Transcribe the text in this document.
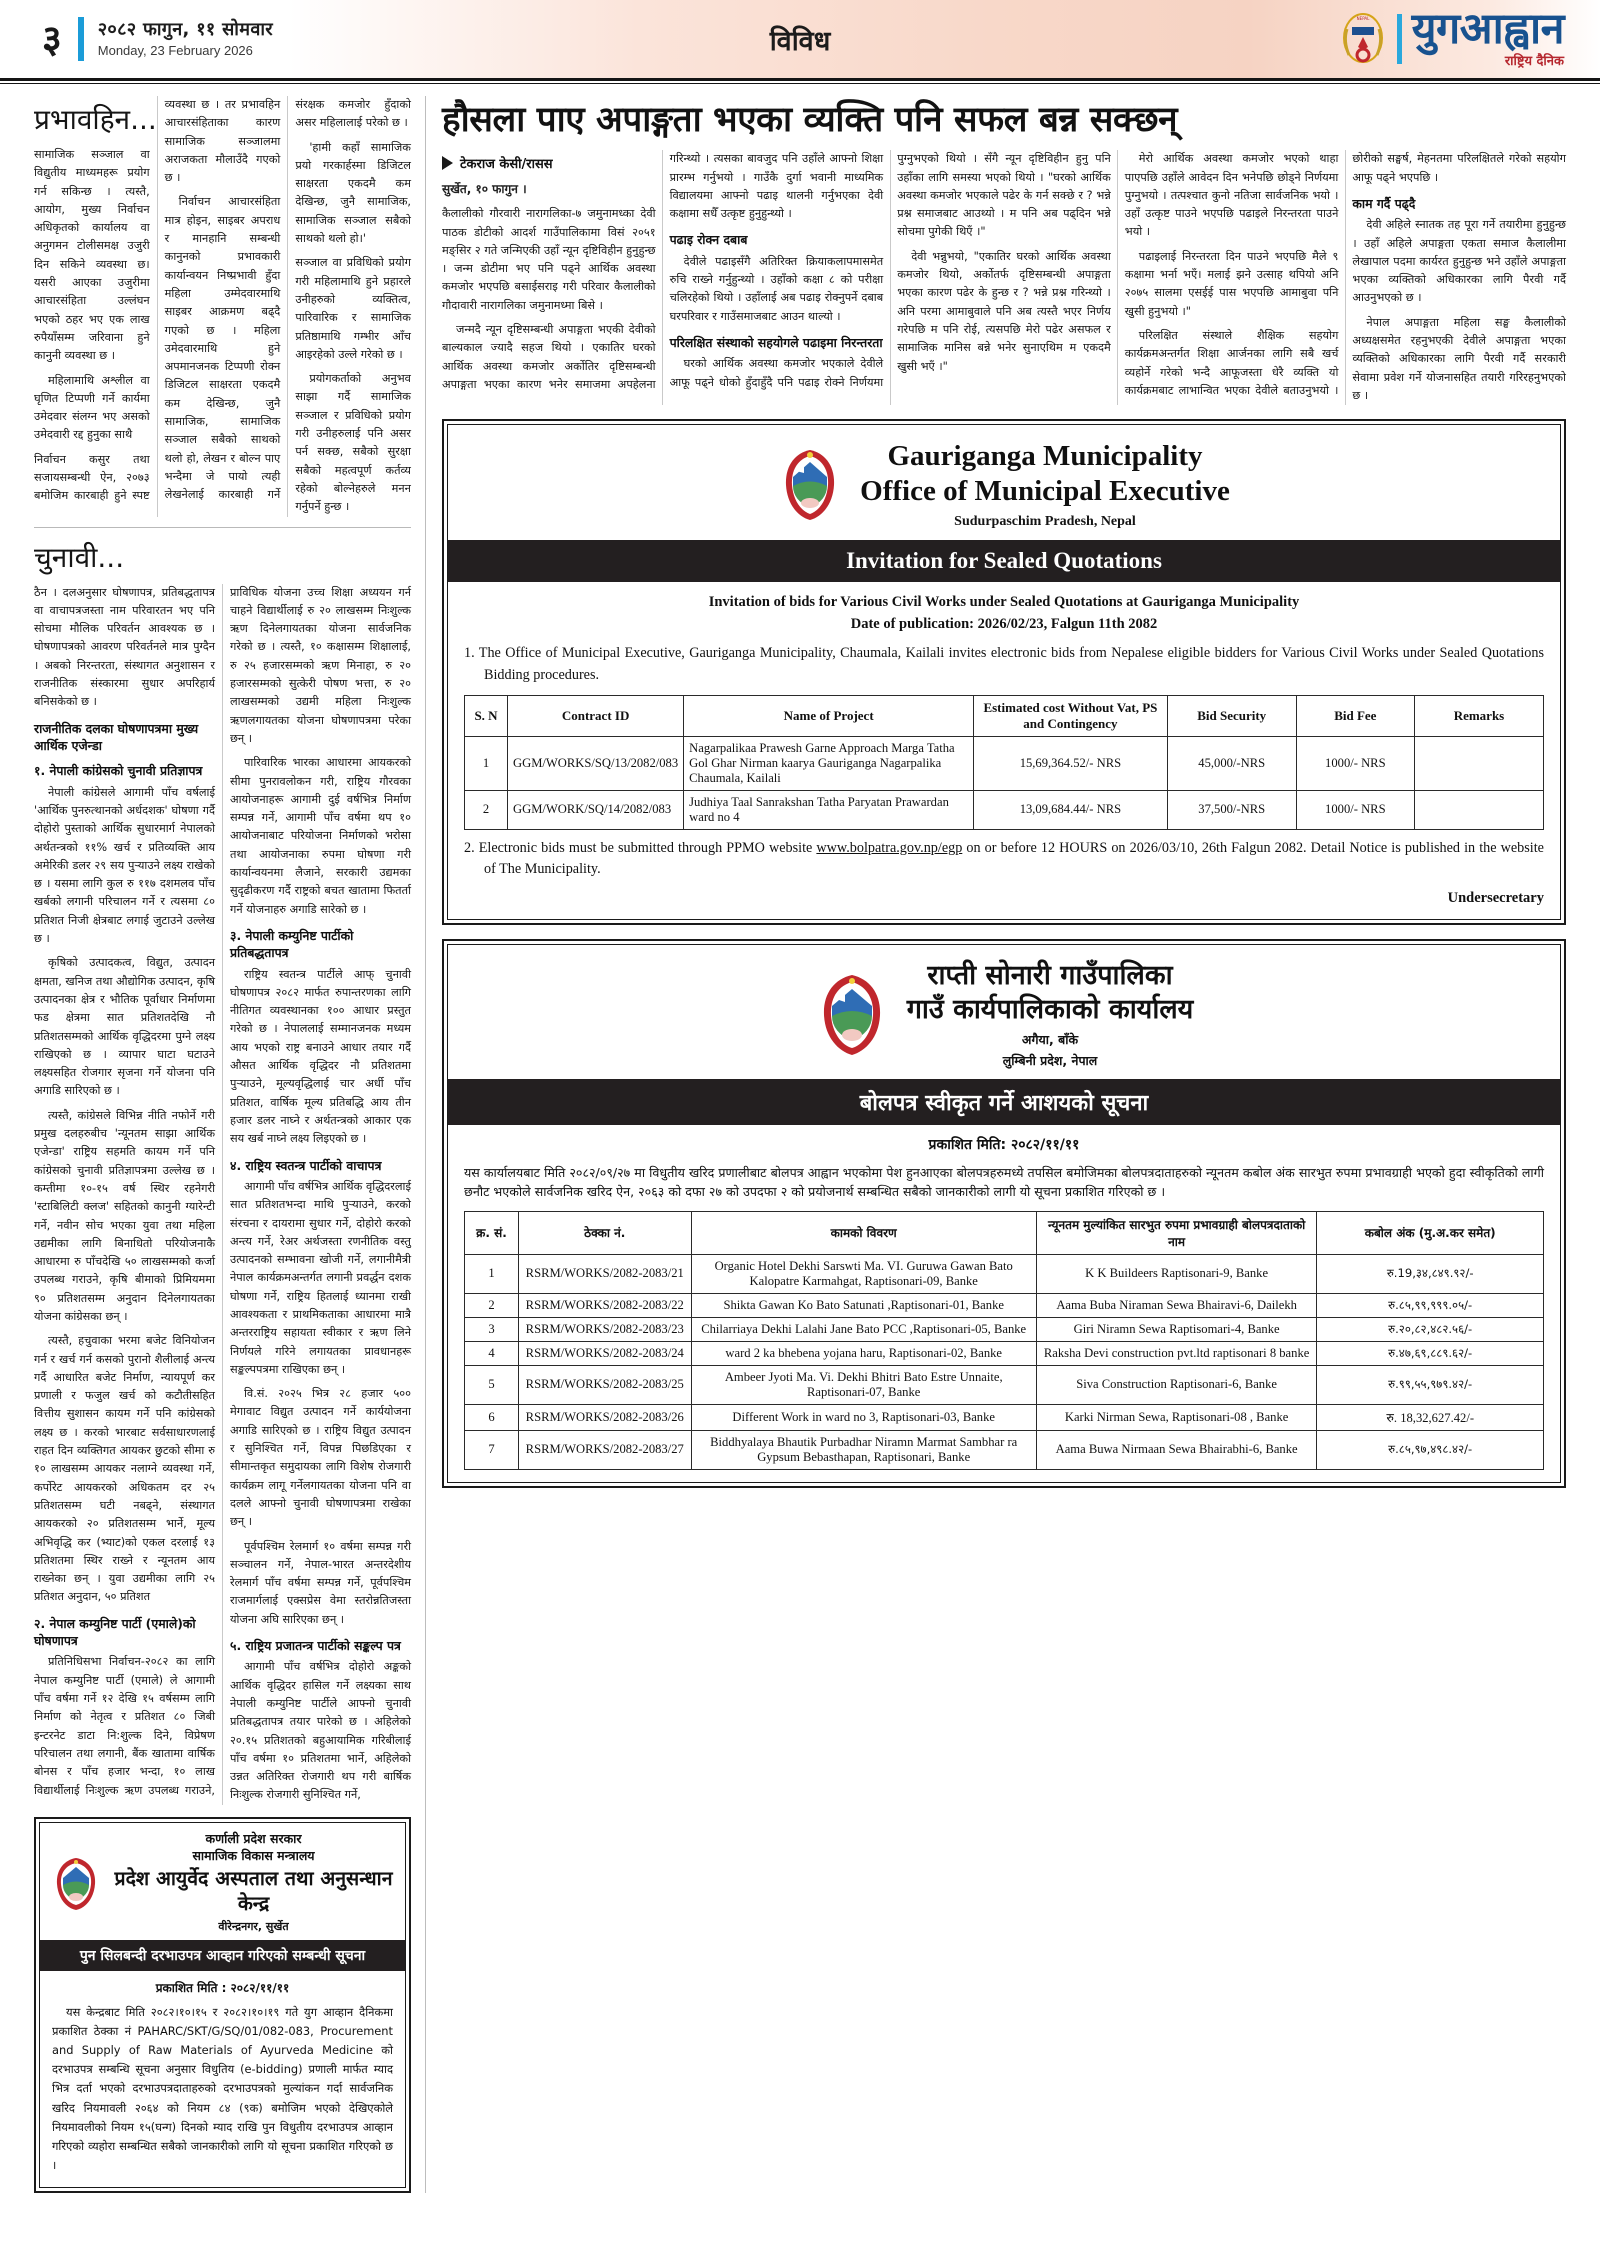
३ २०८२ फागुन, ११ सोमवार
Monday, 23 February 2026	विविध
NEPAL युगआह्वान
राष्ट्रिय दैनिक
प्रभावहिन...

सामाजिक सञ्जाल वा विद्युतीय माध्यमहरू प्रयोग गर्न सकिन्छ । त्यस्तै, आयोग, मुख्य निर्वाचन अधिकृतको कार्यालय वा अनुगमन टोलीसमक्ष उजुरी दिन सकिने व्यवस्था छ। यसरी आएका उजुरीमा आचारसंहिता उल्लंघन भएको ठहर भए एक लाख रुपैयाँसम्म जरिवाना हुने कानुनी व्यवस्था छ ।

महिलामाथि अश्लील वा घृणित टिप्पणी गर्ने कार्यमा उमेदवार संलग्न भए असको उमेदवारी रद्द हुनुका साथै

निर्वाचन कसुर तथा सजायसम्बन्धी ऐन, २०७३ बमोजिम कारबाही हुने स्पष्ट व्यवस्था छ । तर प्रभावहिन आचारसंहिताका कारण सामाजिक सञ्जालमा अराजकता मौलाउँदै गएको छ ।

निर्वाचन आचारसंहिता मात्र होइन, साइबर अपराध र मानहानि सम्बन्धी कानुनको प्रभावकारी कार्यान्वयन निष्प्रभावी हुँदा महिला उम्मेदवारमाथि साइबर आक्रमण बढ्दै गएको छ । महिला उमेदवारमाथि हुने अपमानजनक टिप्पणी रोक्न डिजिटल साक्षरता एकदमै कम देखिन्छ, जुनै सामाजिक, सामाजिक सञ्जाल सबैको साथको थलो हो, लेखन र बोल्न पाए भन्दैमा जे पायो त्यही लेखनेलाई कारबाही गर्ने संरक्षक कमजोर हुँदाको असर महिलालाई परेको छ ।

'हामी कहाँ सामाजिक प्रयो गरकार्हस्मा डिजिटल साक्षरता एकदमै कम देखिन्छ, जुनै सामाजिक, सामाजिक सञ्जाल सबैको साथको थलो हो।'

सञ्जाल वा प्रविधिको प्रयोग गरी महिलामाथि हुने प्रहारले उनीहरुको व्यक्तित्व, पारिवारिक र सामाजिक प्रतिष्ठामाथि गम्भीर आँच आइरहेको उल्ले गरेको छ ।

प्रयोगकर्ताको अनुभव साझा गर्दै सामाजिक सञ्जाल र प्रविधिको प्रयोग गरी उनीहरुलाई पनि असर पर्न सक्छ, सबैको सुरक्षा सबैको महत्वपूर्ण कर्तव्य रहेको बोल्नेहरुले मनन गर्नुपर्ने हुन्छ ।

चुनावी...

ठैन । दलअनुसार घोषणापत्र, प्रतिबद्धतापत्र वा वाचापत्रजस्ता नाम परिवारतन भए पनि सोचमा मौलिक परिवर्तन आवश्यक छ । घोषणापत्रको आवरण परिवर्तनले मात्र पुग्दैन । अबको निरन्तरता, संस्थागत अनुशासन र राजनीतिक संस्कारमा सुधार अपरिहार्य बनिसकेको छ ।

राजनीतिक दलका घोषणापत्रमा मुख्य आर्थिक एजेन्डा
१. नेपाली कांग्रेसको चुनावी प्रतिज्ञापत्र

नेपाली कांग्रेसले आगामी पाँच वर्षलाई 'आर्थिक पुनरुत्थानको अर्धदशक' घोषणा गर्दै दोहोरो पुस्ताको आर्थिक सुधारमार्ग नेपालको अर्थतन्त्रको ११% खर्च र प्रतिव्यक्ति आय अमेरिकी डलर २९ सय पुऱ्याउने लक्ष्य राखेको छ । यसमा लागि कुल रु ११७ दशमलव पाँच खर्बको लगानी परिचालन गर्ने र त्यसमा ८० प्रतिशत निजी क्षेत्रबाट लगाई जुटाउने उल्लेख छ ।

कृषिको उत्पादकत्व, विद्युत, उत्पादन क्षमता, खनिज तथा औद्योगिक उत्पादन, कृषि उत्पादनका क्षेत्र र भौतिक पूर्वाधार निर्माणमा फड क्षेत्रमा सात प्रतिशतदेखि नौ प्रतिशतसम्मको आर्थिक वृद्धिदरमा पुग्ने लक्ष्य राखिएको छ । व्यापार घाटा घटाउने लक्ष्यसहित रोजगार सृजना गर्ने योजना पनि अगाडि सारिएको छ ।

त्यस्तै, कांग्रेसले विभिन्न नीति नफोर्ने गरी प्रमुख दलहरुबीच 'न्यूनतम साझा आर्थिक एजेन्डा' राष्ट्रिय सहमति कायम गर्ने पनि कांग्रेसको चुनावी प्रतिज्ञापत्रमा उल्लेख छ । कम्तीमा १०-१५ वर्ष स्थिर रहनेगरी 'स्टाबिलिटी क्लज' सहितको कानुनी ग्यारेन्टी गर्ने, नवीन सोच भएका युवा तथा महिला उद्यमीका लागि बिनाधितो परियोजनाकै आधारमा रु पाँचदेखि ५० लाखसम्मको कर्जा उपलब्ध गराउने, कृषि बीमाको प्रिमियममा ९० प्रतिशतसम्म अनुदान दिनेलगायतका योजना कांग्रेसका छन् ।

त्यस्तै, हचुवाका भरमा बजेट विनियोजन गर्न र खर्च गर्न कसको पुरानो शैलीलाई अन्त्य गर्दै आधारित बजेट निर्माण, न्यायपूर्ण कर प्रणाली र फजुल खर्च को कटौतीसहित वित्तीय सुशासन कायम गर्ने पनि कांग्रेसको लक्ष्य छ । करको भारबाट सर्वसाधारणलाई राहत दिन व्यक्तिगत आयकर छुटको सीमा रु १० लाखसम्म आयकर नलाग्ने व्यवस्था गर्ने, कर्पोरेट आयकरको अधिकतम दर २५ प्रतिशतसम्म घटी नबढ्ने, संस्थागत आयकरको २० प्रतिशतसम्म भार्ने, मूल्य अभिवृद्धि कर (भ्याट)को एकल दरलाई १३ प्रतिशतमा स्थिर राख्ने र न्यूनतम आय राख्नेका छन् । युवा उद्यमीका लागि २५ प्रतिशत अनुदान, ५० प्रतिशत

२. नेपाल कम्युनिष्ट पार्टी (एमाले)को घोषणापत्र

प्रतिनिधिसभा निर्वाचन-२०८२ का लागि नेपाल कम्युनिष्ट पार्टी (एमाले) ले आगामी पाँच वर्षमा गर्ने १२ देखि १५ वर्षसम्म लागि निर्माण को नेतृत्व र प्रतिशत ८० जिबी इन्टरनेट डाटा नि:शुल्क दिने, विप्रेषण परिचालन तथा लगानी, बैंक खातामा वार्षिक बोनस र पाँच हजार भन्दा, १० लाख विद्यार्थीलाई निःशुल्क ऋण उपलब्ध गराउने, प्राविधिक योजना उच्च शिक्षा अध्ययन गर्न चाहने विद्यार्थीलाई रु २० लाखसम्म निःशुल्क ऋण दिनेलगायतका योजना सार्वजनिक गरेको छ । त्यस्तै, १० कक्षासम्म शिक्षालाई, रु २५ हजारसम्मको ऋण मिनाहा, रु २० हजारसम्मको सुत्केरी पोषण भत्ता, रु २० लाखसम्मको उद्यमी महिला निःशुल्क ऋणलगायतका योजना घोषणापत्रमा परेका छन् ।

पारिवारिक भारका आधारमा आयकरको सीमा पुनरावलोकन गरी, राष्ट्रिय गौरवका आयोजनाहरू आगामी दुई वर्षभित्र निर्माण सम्पन्न गर्ने, आगामी पाँच वर्षमा थप १० आयोजनाबाट परियोजना निर्माणको भरोसा तथा आयोजनाका रुपमा घोषणा गरी कार्यान्वयनमा लैजाने, सरकारी उद्यमका सुदृढीकरण गर्दै राष्ट्रको बचत खातामा फितर्ता गर्ने योजनाहरु अगाडि सारेको छ ।

३. नेपाली कम्युनिष्ट पार्टीको प्रतिबद्धतापत्र

राष्ट्रिय स्वतन्त्र पार्टीले आफ् चुनावी घोषणापत्र २०८२ मार्फत रुपान्तरणका लागि नीतिगत व्यवस्थानका १०० आधार प्रस्तुत गरेको छ । नेपाललाई सम्मानजनक मध्यम आय भएको राष्ट्र बनाउने आधार तयार गर्दै औसत आर्थिक वृद्धिदर नौ प्रतिशतमा पुऱ्याउने, मूल्यवृद्धिलाई चार अर्धी पाँच प्रतिशत, वार्षिक मूल्य प्रतिबद्धि आय तीन हजार डलर नाघ्ने र अर्थतन्त्रको आकार एक सय खर्ब नाघ्ने लक्ष्य लिइएको छ ।

४. राष्ट्रिय स्वतन्त्र पार्टीको वाचापत्र

आगामी पाँच वर्षभित्र आर्थिक वृद्धिदरलाई सात प्रतिशतभन्दा माथि पुऱ्याउने, करको संरचना र दायरामा सुधार गर्ने, दोहोरो करको अन्त्य गर्ने, रेअर अर्थजस्ता रणनीतिक वस्तु उत्पादनको सम्भावना खोजी गर्ने, लगानीमैत्री नेपाल कार्यक्रमअन्तर्गत लगानी प्रवर्द्धन दशक घोषणा गर्ने, राष्ट्रिय हितलाई ध्यानमा राखी आवश्यकता र प्राथमिकताका आधारमा मात्रै अन्तरराष्ट्रिय सहायता स्वीकार र ऋण लिने निर्णयले गरिने लगायतका प्रावधानहरू सङ्कल्पपत्रमा राखिएका छन् ।

वि.सं. २०२५ भित्र २८ हजार ५०० मेगावाट विद्युत उत्पादन गर्ने कार्ययोजना अगाडि सारिएको छ । राष्ट्रिय विद्युत उत्पादन र सुनिश्चित गर्ने, विपन्न पिछडिएका र सीमान्तकृत समुदायका लागि विशेष रोजगारी कार्यक्रम लागू गर्नेलगायतका योजना पनि वा दलले आफ्नो चुनावी घोषणापत्रमा राखेका छन् ।

पूर्वपश्चिम रेलमार्ग १० वर्षमा सम्पन्न गरी सञ्चालन गर्ने, नेपाल-भारत अन्तरदेशीय रेलमार्ग पाँच वर्षमा सम्पन्न गर्ने, पूर्वपश्चिम राजमार्गलाई एक्सप्रेस वेमा स्तरोन्नतिजस्ता योजना अघि सारिएका छन् ।

५. राष्ट्रिय प्रजातन्त्र पार्टीको सङ्कल्प पत्र

आगामी पाँच वर्षभित्र दोहोरो अङ्कको आर्थिक वृद्धिदर हासिल गर्ने लक्ष्यका साथ नेपाली कम्युनिष्ट पार्टीले आफ्नो चुनावी प्रतिबद्धतापत्र तयार पारेको छ । अहिलेको २०.१५ प्रतिशतको बहुआयामिक गरिबीलाई पाँच वर्षमा १० प्रतिशतमा भार्ने, अहिलेको उन्नत अतिरिक्त रोजगारी थप गरी बार्षिक निःशुल्क रोजगारी सुनिश्चित गर्ने,

कर्णाली प्रदेश सरकार
सामाजिक विकास मन्त्रालय
प्रदेश आयुर्वेद अस्पताल तथा अनुसन्धान केन्द्र
वीरेन्द्रनगर, सुर्खेत
पुन सिलबन्दी दरभाउपत्र आव्हान गरिएको सम्बन्धी सूचना
प्रकाशित मिति : २०८२/११/११

यस केन्द्रबाट मिति २०८२।१०।१५ र २०८२।१०।१९ गते युग आव्हान दैनिकमा प्रकाशित ठेक्का नं PAHARC/SKT/G/SQ/01/082-083, Procurement and Supply of Raw Materials of Ayurveda Medicine को दरभाउपत्र सम्बन्धि सूचना अनुसार विधुतिय (e-bidding) प्रणाली मार्फत म्याद भित्र दर्ता भएको दरभाउपत्रदाताहरुको दरभाउपत्रको मुल्यांकन गर्दा सार्वजनिक खरिद नियमावली २०६४ को नियम ८४ (९क) बमोजिम भएको देखिएकोले नियमावलीको नियम १५(घन्ग) दिनको म्याद राखि पुन विधुतीय दरभाउपत्र आव्हान गरिएको व्यहोरा सम्बन्धित सबैको जानकारीको लागि यो सूचना प्रकाशित गरिएको छ ।

हौसला पाए अपाङ्गता भएका व्यक्ति पनि सफल बन्न सक्छन्
टेकराज केसी/रासस
सुर्खेत, १० फागुन ।

कैलालीको गौरवारी नारागलिका-७ जमुनामध्का देवी पाठक डोटीको आदर्श गाउँपालिकामा विसं २०५१ मङ्सिर २ गते जन्मिएकी उहाँ न्यून दृष्टिविहीन हुनुहुन्छ । जन्म डोटीमा भए पनि पढ्ने आर्थिक अवस्था कमजोर भएपछि बसाईसराइ गरी परिवार कैलालीको गौदावारी नारागलिका जमुनामध्मा बिसे ।

जन्मदै न्यून दृष्टिसम्बन्धी अपाङ्गता भएकी देवीको बाल्यकाल ज्यादै सहज थियो । एकातिर घरको आर्थिक अवस्था कमजोर अर्कोतिर दृष्टिसम्बन्धी अपाङ्गता भएका कारण भनेर समाजमा अपहेलना गरिन्थ्यो । त्यसका बावजुद पनि उहाँले आफ्नो शिक्षा प्रारम्भ गर्नुभयो । गाउँकै दुर्गा भवानी माध्यमिक विद्यालयमा आफ्नो पढाइ थालनी गर्नुभएका देवी कक्षामा सधैँ उत्कृष्ट हुनुहुन्थ्यो ।

पढाइ रोक्न दबाब

देवीले पढाइसँगै अतिरिक्त क्रियाकलापमासमेत रुचि राख्ने गर्नुहुन्थ्यो । उहाँको कक्षा ८ को परीक्षा चलिरहेको थियो । उहाँलाई अब पढाइ रोक्नुपर्ने दबाब घरपरिवार र गाउँसमाजबाट आउन थाल्यो ।

परिलक्षित संस्थाको सहयोगले पढाइमा निरन्तरता

घरको आर्थिक अवस्था कमजोर भएकाले देवीले आफू पढ्ने धोको हुँदाहुँदै पनि पढाइ रोक्ने निर्णयमा पुग्नुभएको थियो । सँगै न्यून दृष्टिविहीन हुनु पनि उहाँका लागि समस्या भएको थियो । "घरको आर्थिक अवस्था कमजोर भएकाले पढेर के गर्न सक्छे र ? भन्ने प्रश्न समाजबाट आउथ्यो । म पनि अब पढ्दिन भन्ने सोचमा पुगेकी थिएँ ।"

देवी भन्नुभयो, "एकातिर घरको आर्थिक अवस्था कमजोर थियो, अर्कोतर्फ दृष्टिसम्बन्धी अपाङ्गता भएका कारण पढेर के हुन्छ र ? भन्ने प्रश्न गरिन्थ्यो । अनि परमा आमाबुवाले पनि अब त्यस्तै भएर निर्णय गरेपछि म पनि रोई, त्यसपछि मेरो पढेर असफल र सामाजिक मानिस बन्ने भनेर सुनाएथिम म एकदमै खुसी भएँ ।"

मेरो आर्थिक अवस्था कमजोर भएको थाहा पाएपछि उहाँले आवेदन दिन भनेपछि छोड्ने निर्णयमा पुग्नुभयो । तत्पश्चात कुनो नतिजा सार्वजनिक भयो । उहाँ उत्कृष्ट पाउने भएपछि पढाइले निरन्तरता पाउने भयो ।

पढाइलाई निरन्तरता दिन पाउने भएपछि मैले ९ कक्षामा भर्ना भएँ। मलाई झने उत्साह थपियो अनि २०७५ सालमा एसईई पास भएपछि आमाबुवा पनि खुसी हुनुभयो ।"

परिलक्षित संस्थाले शैक्षिक सहयोग कार्यक्रमअन्तर्गत शिक्षा आर्जनका लागि सबै खर्च व्यहोर्ने गरेको भन्दै आफूजस्ता धेरै व्यक्ति यो कार्यक्रमबाट लाभान्वित भएका देवीले बताउनुभयो । छोरीको सङ्घर्ष, मेहनतमा परिलक्षितले गरेको सहयोग आफू पढ्ने भएपछि ।

काम गर्दै पढ्दै

देवी अहिले स्नातक तह पूरा गर्ने तयारीमा हुनुहुन्छ । उहाँ अहिले अपाङ्गता एकता समाज कैलालीमा लेखापाल पदमा कार्यरत हुनुहुन्छ भने उहाँले अपाङ्गता भएका व्यक्तिको अधिकारका लागि पैरवी गर्दै आउनुभएको छ ।

नेपाल अपाङ्गता महिला सङ्घ कैलालीको अध्यक्षसमेत रहनुभएकी देवीले अपाङ्गता भएका व्यक्तिको अधिकारका लागि पैरवी गर्दै सरकारी सेवामा प्रवेश गर्ने योजनासहित तयारी गरिरहनुभएको छ ।

Gauriganga Municipality
Office of Municipal Executive
Sudurpaschim Pradesh, Nepal
Invitation for Sealed Quotations
Invitation of bids for Various Civil Works under Sealed Quotations at Gauriganga Municipality
Date of publication: 2026/02/23, Falgun 11th 2082
1. The Office of Municipal Executive, Gauriganga Municipality, Chaumala, Kailali invites electronic bids from Nepalese eligible bidders for Various Civil Works under Sealed Quotations Bidding procedures.
S. N	Contract ID	Name of Project	Estimated cost Without Vat, PS and Contingency	Bid Security	Bid Fee	Remarks
1	GGM/WORKS/SQ/13/2082/083	Nagarpalikaa Prawesh Garne Approach Marga Tatha Gol Ghar Nirman kaarya Gauriganga Nagarpalika Chaumala, Kailali	15,69,364.52/- NRS	45,000/-NRS	1000/- NRS	
2	GGM/WORK/SQ/14/2082/083	Judhiya Taal Sanrakshan Tatha Paryatan Prawardan ward no 4	13,09,684.44/- NRS	37,500/-NRS	1000/- NRS	
2. Electronic bids must be submitted through PPMO website www.bolpatra.gov.np/egp on or before 12 HOURS on 2026/03/10, 26th Falgun 2082. Detail Notice is published in the website of The Municipality.
Undersecretary
राप्ती सोनारी गाउँपालिका
गाउँ कार्यपालिकाको कार्यालय
अगैया, बाँके
लुम्बिनी प्रदेश, नेपाल
बोलपत्र स्वीकृत गर्ने आशयको सूचना
प्रकाशित मिति: २०८२/११/११
यस कार्यालयबाट मिति २०८२/०९/२७ मा विधुतीय खरिद प्रणालीबाट बोलपत्र आह्वान भएकोमा पेश हुनआएका बोलपत्रहरुमध्ये तपसिल बमोजिमका बोलपत्रदाताहरुको न्यूनतम कबोल अंक सारभुत रुपमा प्रभावग्राही भएको हुदा स्वीकृतिको लागी छनौट भएकोले सार्वजनिक खरिद ऐन, २०६३ को दफा २७ को उपदफा २ को प्रयोजनार्थ सम्बन्धित सबैको जानकारीको लागी यो सूचना प्रकाशित गरिएको छ ।
क्र. सं.	ठेक्का नं.	कामको विवरण	न्यूनतम मुल्यांकित सारभुत रुपमा प्रभावग्राही बोलपत्रदाताको नाम	कबोल अंक (मु.अ.कर समेत)
1	RSRM/WORKS/2082-2083/21	Organic Hotel Dekhi Sarswti Ma. VI. Guruwa Gawan Bato Kalopatre Karmahgat, Raptisonari-09, Banke	K K Buildeers Raptisonari-9, Banke	रु.19,३४,८४९.९२/-
2	RSRM/WORKS/2082-2083/22	Shikta Gawan Ko Bato Satunati ,Raptisonari-01, Banke	Aama Buba Niraman Sewa Bhairavi-6, Dailekh	रु.८५,९९,९९९.०५/-
3	RSRM/WORKS/2082-2083/23	Chilarriaya Dekhi Lalahi Jane Bato PCC ,Raptisonari-05, Banke	Giri Niramn Sewa Raptisomari-4, Banke	रु.२०,८२,४८२.५६/-
4	RSRM/WORKS/2082-2083/24	ward 2 ka bhebena yojana haru, Raptisonari-02, Banke	Raksha Devi construction pvt.ltd raptisonari 8 banke	रु.४७,६९,८८९.६२/-
5	RSRM/WORKS/2082-2083/25	Ambeer Jyoti Ma. Vi. Dekhi Bhitri Bato Estre Unnaite, Raptisonari-07, Banke	Siva Construction Raptisonari-6, Banke	रु.९९,५५,९७९.४२/-
6	RSRM/WORKS/2082-2083/26	Different Work in ward no 3, Raptisonari-03, Banke	Karki Nirman Sewa, Raptisonari-08 , Banke	रु. 18,32,627.42/-
7	RSRM/WORKS/2082-2083/27	Biddhyalaya Bhautik Purbadhar Niramn Marmat Sambhar ra Gypsum Bebasthapan, Raptisonari, Banke	Aama Buwa Nirmaan Sewa Bhairabhi-6, Banke	रु.८५,९७,४९८.४२/-
